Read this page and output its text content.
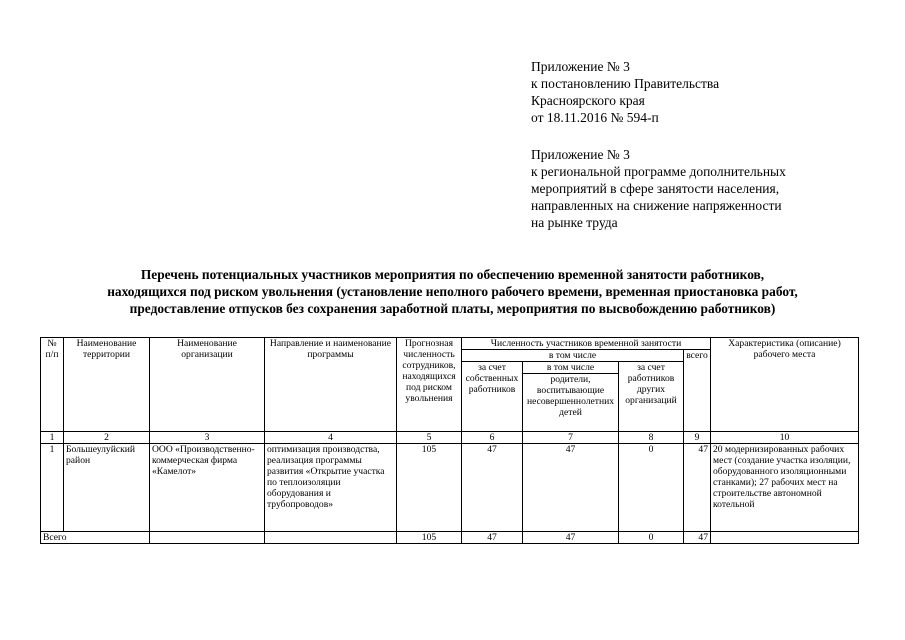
Приложение № 3
к постановлению Правительства
Красноярского края
от 18.11.2016 № 594-п
Приложение № 3
к региональной программе дополнительных
мероприятий в сфере занятости населения,
направленных на снижение напряженности
на рынке труда
Перечень потенциальных участников мероприятия по обеспечению временной занятости работников,
находящихся под риском увольнения (установление неполного рабочего времени, временная приостановка работ,
предоставление отпусков без сохранения заработной платы, мероприятия по высвобождению работников)
№ п/п	Наименование территории	Наименование организации	Направление и наименование программы	Прогнозная численность сотрудников, находящихся под риском увольнения	Численность участников временной занятости				Характеристика (описание) рабочего места
					в том числе			всего	
					за счет собственных работников	в том числе	за счет работников других организаций		
						родители, воспитывающие несовершеннолетних детей			
1	2	3	4	5	6	7	8	9	10
1	Большеулуйский район	ООО «Производственно-коммерческая фирма «Камелот»	оптимизация производства, реализация программы развития «Открытие участка по теплоизоляции оборудования и трубопроводов»	105	47	47	0	47	20 модернизированных рабочих мест (создание участка изоляции, оборудованного изоляционными станками); 27 рабочих мест на строительстве автономной котельной
Всего				105	47	47	0	47	
